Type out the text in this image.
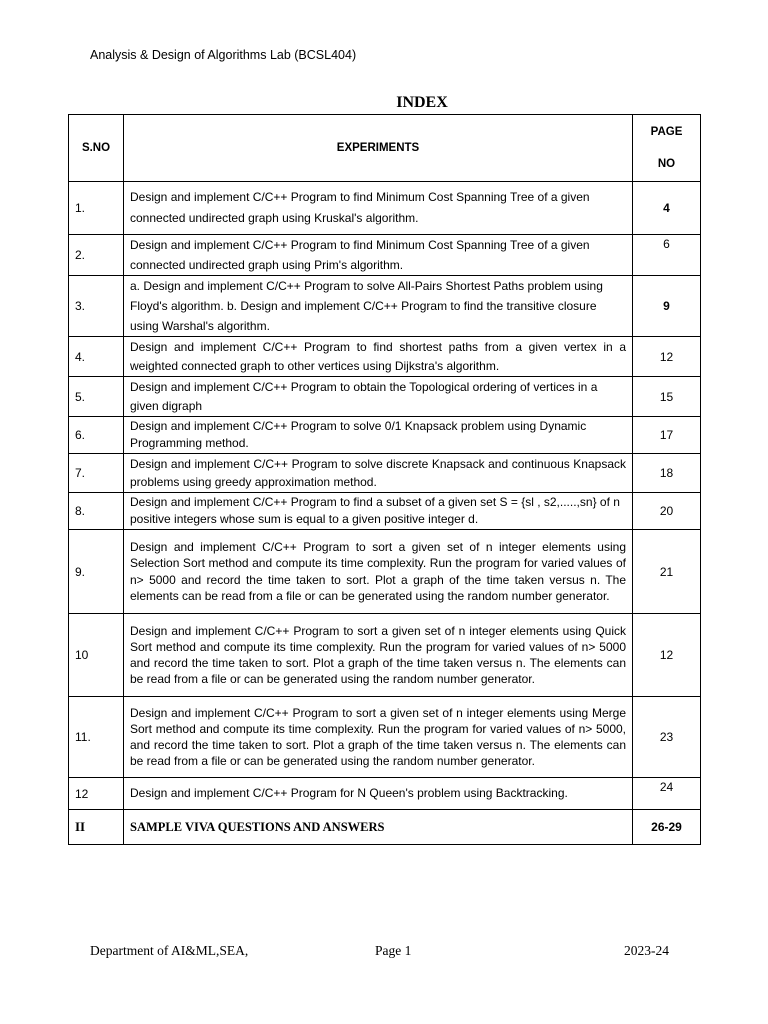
Analysis & Design of Algorithms Lab (BCSL404)
INDEX
S.NO	EXPERIMENTS	PAGE
NO
1.	Design and implement C/C++ Program to find Minimum Cost Spanning Tree of a given connected undirected graph using Kruskal's algorithm.	4
2.	Design and implement C/C++ Program to find Minimum Cost Spanning Tree of a given connected undirected graph using Prim's algorithm.	6
3.	a. Design and implement C/C++ Program to solve All-Pairs Shortest Paths problem using Floyd's algorithm. b. Design and implement C/C++ Program to find the transitive closure using Warshal's algorithm.	9
4.	Design and implement C/C++ Program to find shortest paths from a given vertex in a weighted connected graph to other vertices using Dijkstra's algorithm.	12
5.	Design and implement C/C++ Program to obtain the Topological ordering of vertices in a given digraph	15
6.	Design and implement C/C++ Program to solve 0/1 Knapsack problem using Dynamic Programming method.	17
7.	Design and implement C/C++ Program to solve discrete Knapsack and continuous Knapsack problems using greedy approximation method.	18
8.	Design and implement C/C++ Program to find a subset of a given set S = {sl , s2,.....,sn} of n positive integers whose sum is equal to a given positive integer d.	20
9.	Design and implement C/C++ Program to sort a given set of n integer elements using Selection Sort method and compute its time complexity. Run the program for varied values of n> 5000 and record the time taken to sort. Plot a graph of the time taken versus n. The elements can be read from a file or can be generated using the random number generator.	21
10	Design and implement C/C++ Program to sort a given set of n integer elements using Quick Sort method and compute its time complexity. Run the program for varied values of n> 5000 and record the time taken to sort. Plot a graph of the time taken versus n. The elements can be read from a file or can be generated using the random number generator.	12
11.	Design and implement C/C++ Program to sort a given set of n integer elements using Merge Sort method and compute its time complexity. Run the program for varied values of n> 5000, and record the time taken to sort. Plot a graph of the time taken versus n. The elements can be read from a file or can be generated using the random number generator.	23
12	Design and implement C/C++ Program for N Queen's problem using Backtracking.	24
II	SAMPLE VIVA QUESTIONS AND ANSWERS	26-29
Department of AI&ML,SEA,	Page 1	2023-24
